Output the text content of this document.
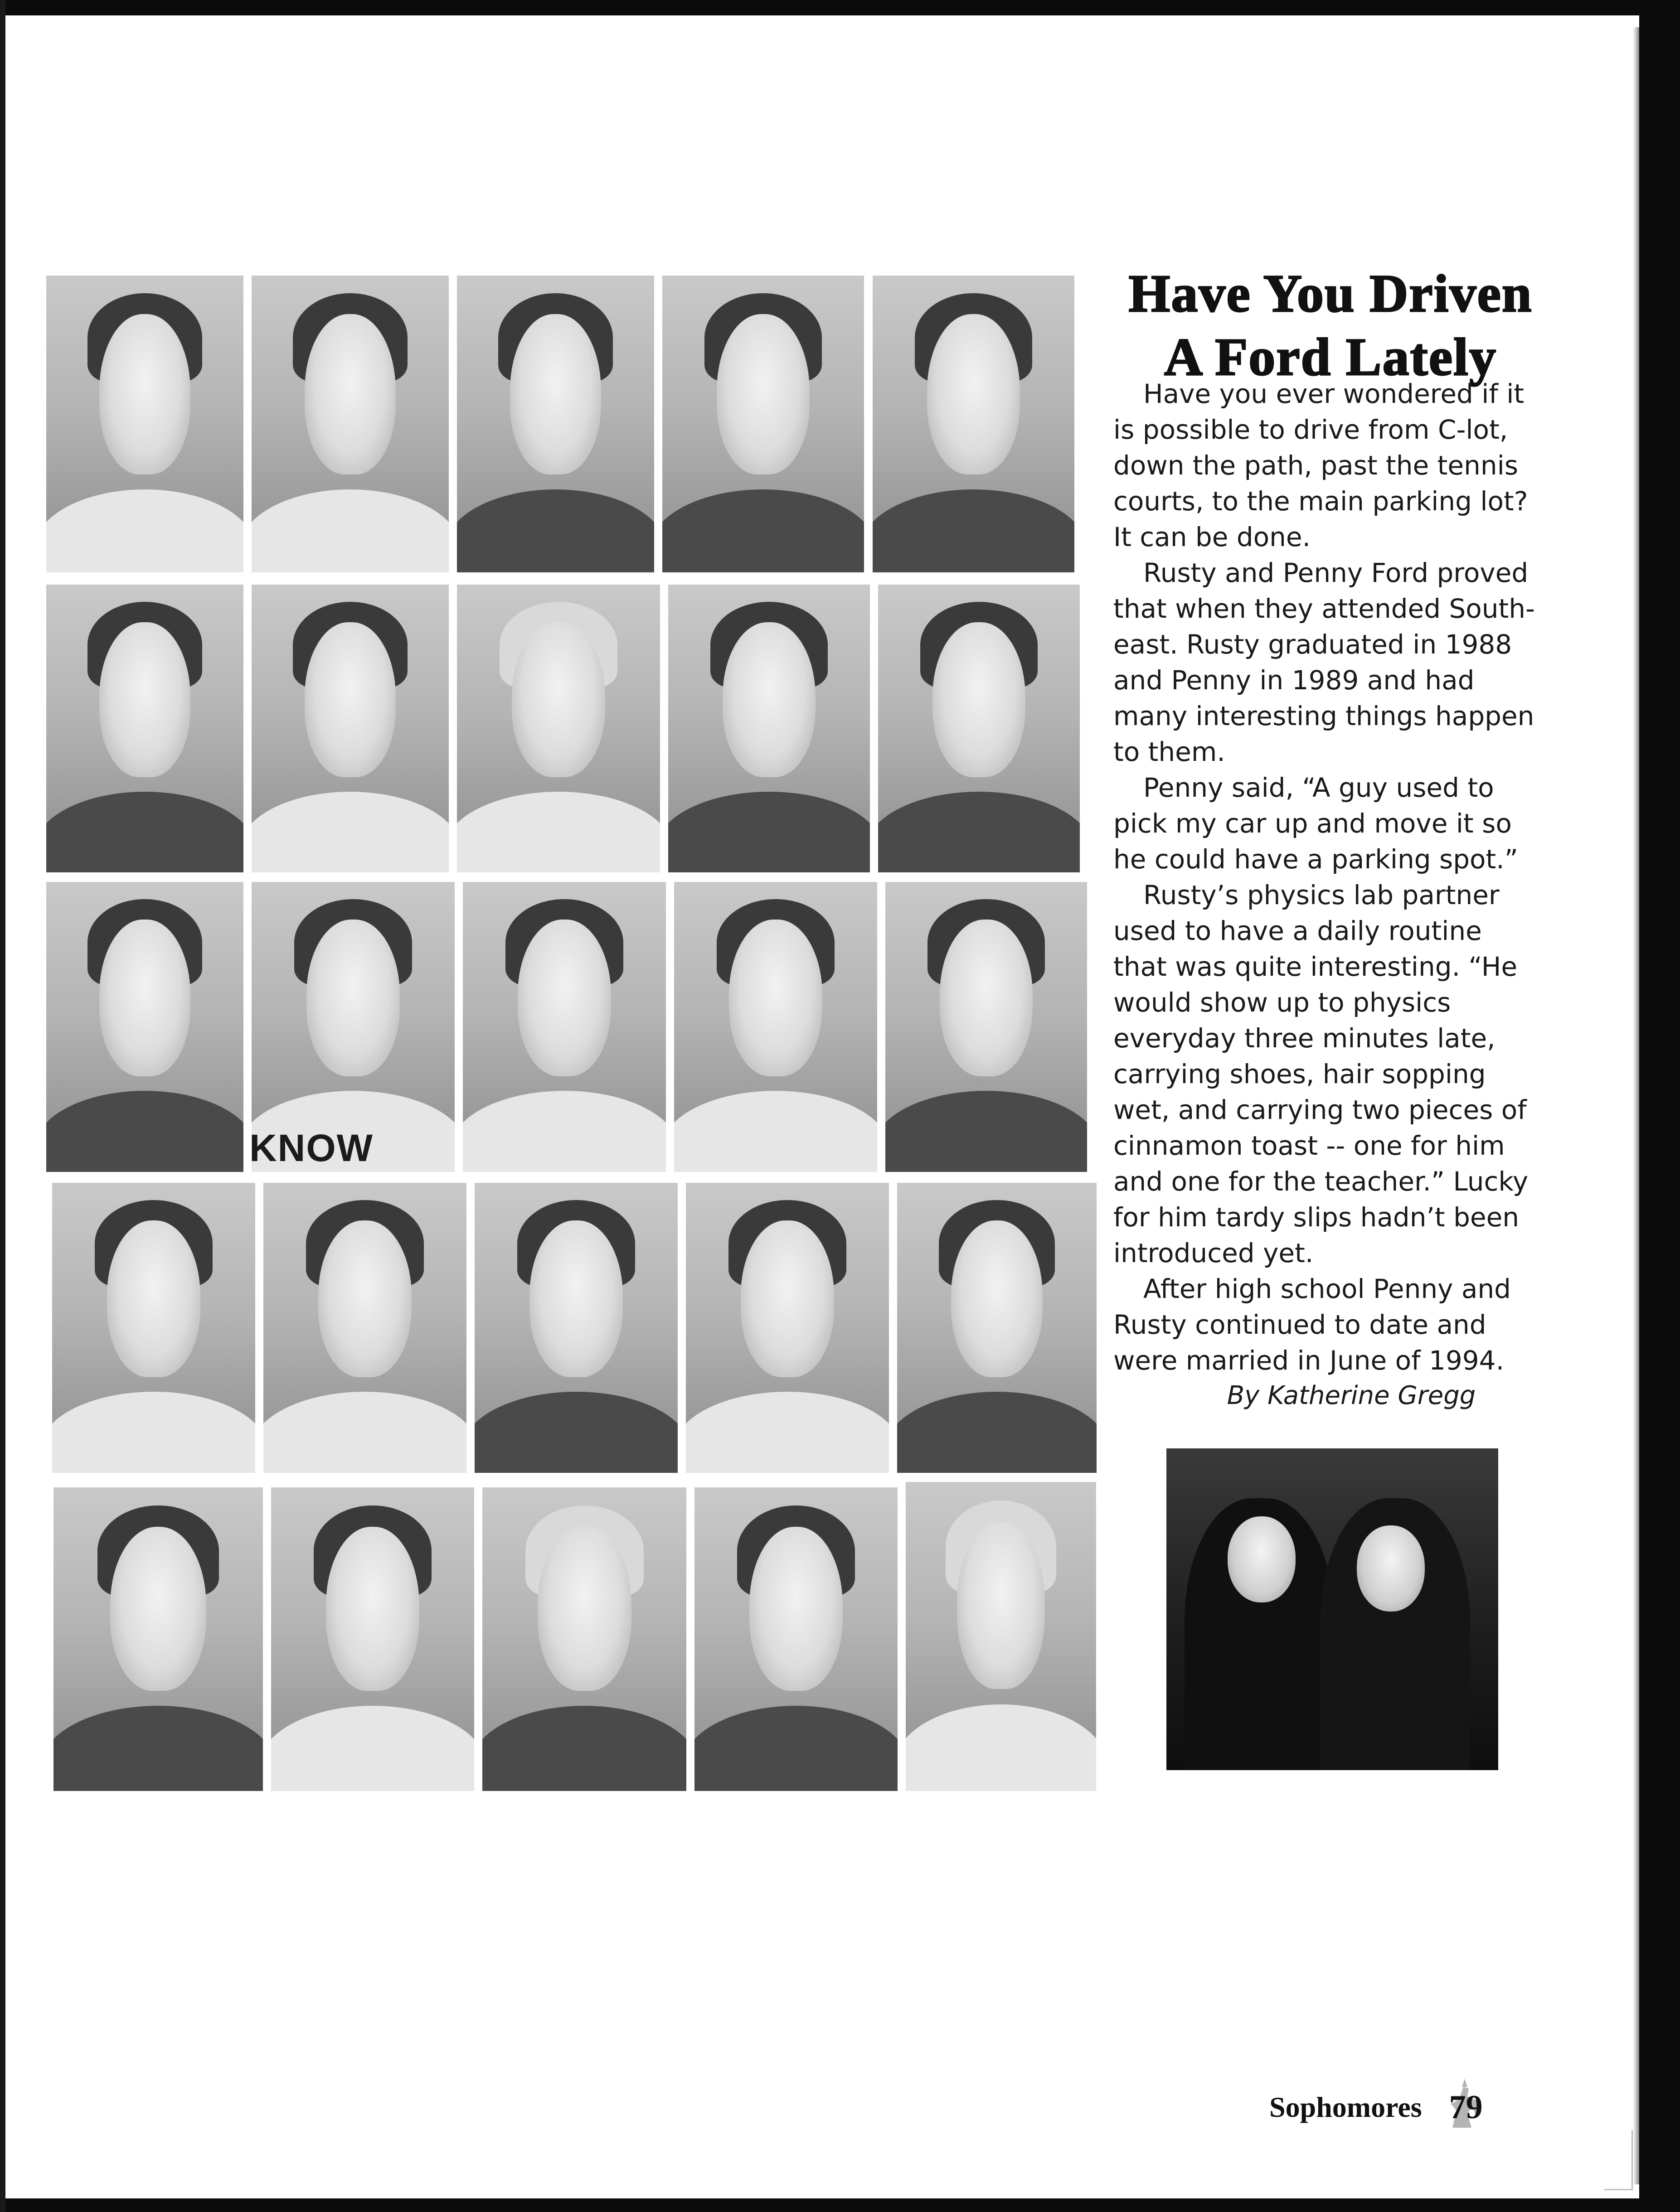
KNOW
Have You Driven
A Ford Lately

Have you ever wondered if it is possible to drive from C-lot, down the path, past the tennis courts, to the main parking lot? It can be done.

Rusty and Penny Ford proved that when they attended South-east. Rusty graduated in 1988 and Penny in 1989 and had many interesting things happen to them.

Penny said, “A guy used to pick my car up and move it so he could have a parking spot.”

Rusty’s physics lab partner used to have a daily routine that was quite interesting. “He would show up to physics everyday three minutes late, carrying shoes, hair sopping wet, and carrying two pieces of cinnamon toast -- one for him and one for the teacher.” Lucky for him tardy slips hadn’t been introduced yet.

After high school Penny and Rusty continued to date and were married in June of 1994.

By Katherine Gregg
Sophomores 79
